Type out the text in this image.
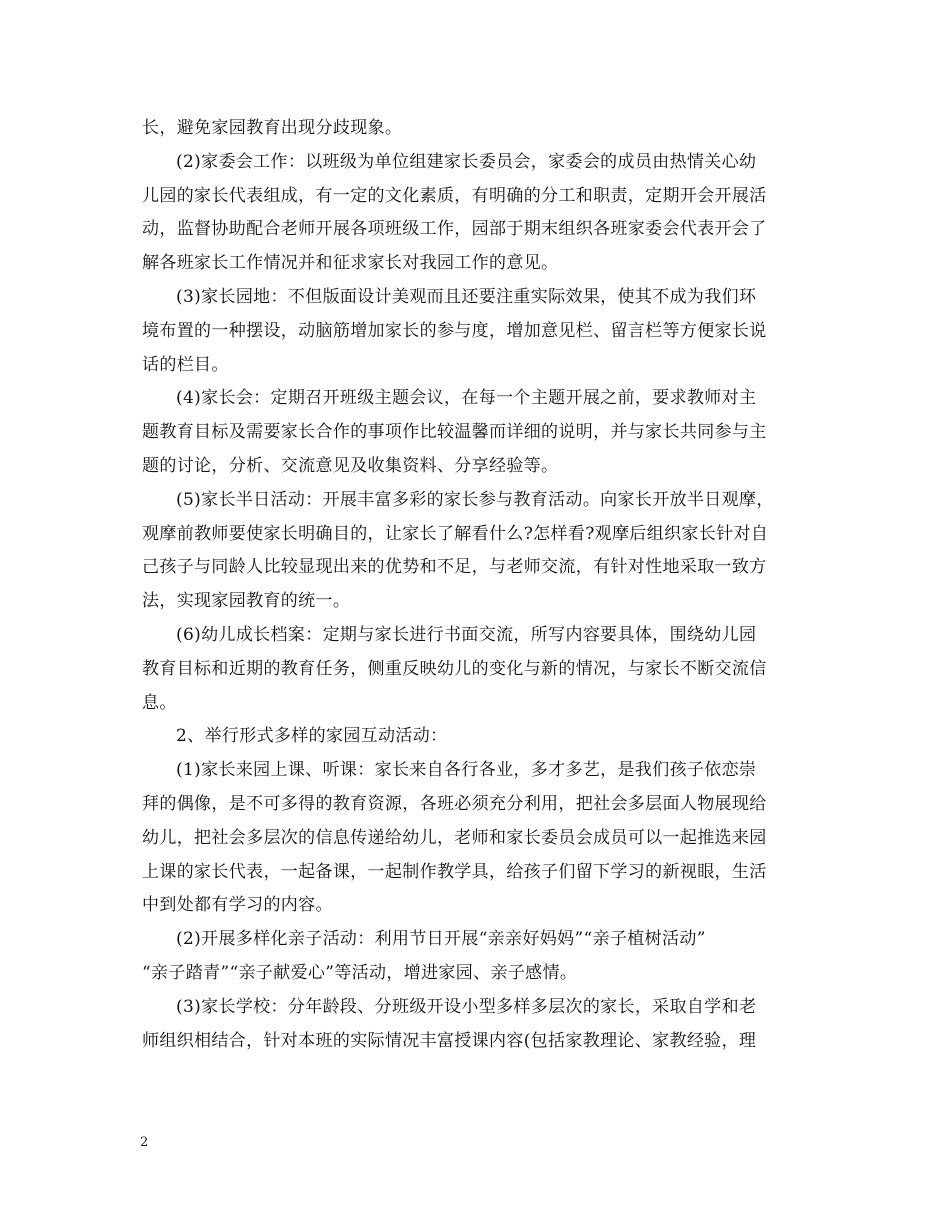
长，避免家园教育出现分歧现象。
(2)家委会工作：以班级为单位组建家长委员会，家委会的成员由热情关心幼
儿园的家长代表组成，有一定的文化素质，有明确的分工和职责，定期开会开展活
动，监督协助配合老师开展各项班级工作，园部于期末组织各班家委会代表开会了
解各班家长工作情况并和征求家长对我园工作的意见。
(3)家长园地：不但版面设计美观而且还要注重实际效果，使其不成为我们环
境布置的一种摆设，动脑筋增加家长的参与度，增加意见栏、留言栏等方便家长说
话的栏目。
(4)家长会：定期召开班级主题会议，在每一个主题开展之前，要求教师对主
题教育目标及需要家长合作的事项作比较温馨而详细的说明，并与家长共同参与主
题的讨论，分析、交流意见及收集资料、分享经验等。
(5)家长半日活动：开展丰富多彩的家长参与教育活动。向家长开放半日观摩，
观摩前教师要使家长明确目的，让家长了解看什么?怎样看?观摩后组织家长针对自
己孩子与同龄人比较显现出来的优势和不足，与老师交流，有针对性地采取一致方
法，实现家园教育的统一。
(6)幼儿成长档案：定期与家长进行书面交流，所写内容要具体，围绕幼儿园
教育目标和近期的教育任务，侧重反映幼儿的变化与新的情况，与家长不断交流信
息。
2、举行形式多样的家园互动活动：
(1)家长来园上课、听课：家长来自各行各业，多才多艺，是我们孩子依恋崇
拜的偶像，是不可多得的教育资源，各班必须充分利用，把社会多层面人物展现给
幼儿，把社会多层次的信息传递给幼儿，老师和家长委员会成员可以一起推选来园
上课的家长代表，一起备课，一起制作教学具，给孩子们留下学习的新视眼，生活
中到处都有学习的内容。
(2)开展多样化亲子活动：利用节日开展“亲亲好妈妈”“亲子植树活动”
“亲子踏青”“亲子献爱心”等活动，增进家园、亲子感情。
(3)家长学校：分年龄段、分班级开设小型多样多层次的家长，采取自学和老
师组织相结合，针对本班的实际情况丰富授课内容(包括家教理论、家教经验，理
2
